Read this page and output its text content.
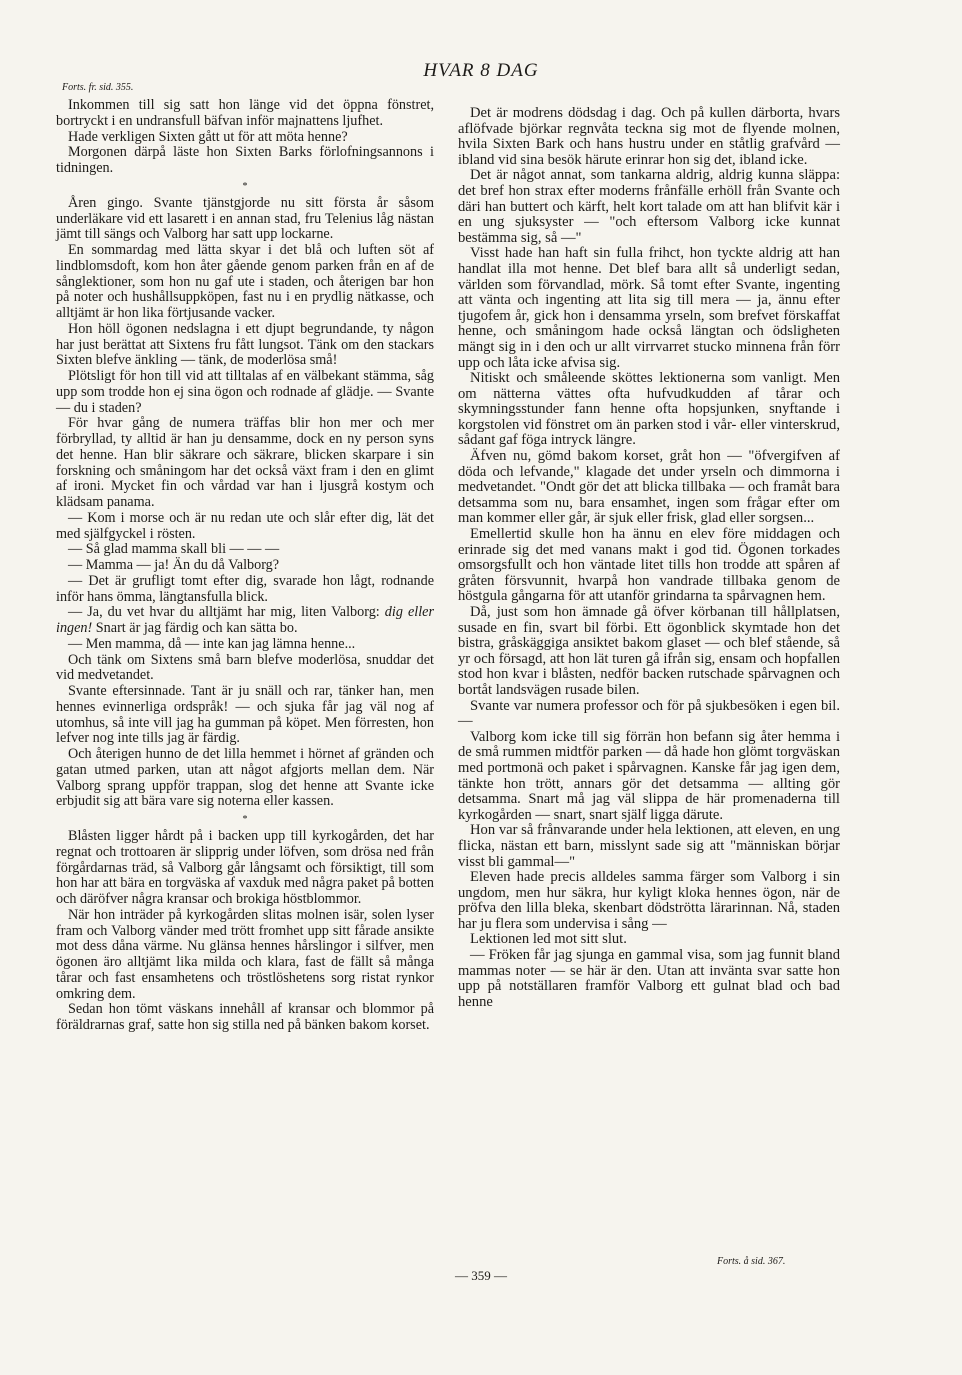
HVAR 8 DAG
Forts. fr. sid. 355.

Inkommen till sig satt hon länge vid det öppna fönstret, bortryckt i en undransfull bäfvan inför majnattens ljufhet.

Hade verkligen Sixten gått ut för att möta henne?

Morgonen därpå läste hon Sixten Barks förlofningsannons i tidningen.

*

Åren gingo. Svante tjänstgjorde nu sitt första år såsom underläkare vid ett lasarett i en annan stad, fru Telenius låg nästan jämt till sängs och Valborg har satt upp lockarne.

En sommardag med lätta skyar i det blå och luften söt af lindblomsdoft, kom hon åter gående genom parken från en af de sånglektioner, som hon nu gaf ute i staden, och återigen bar hon på noter och hushållsuppköpen, fast nu i en prydlig nätkasse, och alltjämt är hon lika förtjusande vacker.

Hon höll ögonen nedslagna i ett djupt begrundande, ty någon har just berättat att Sixtens fru fått lungsot. Tänk om den stackars Sixten blefve änkling — tänk, de moderlösa små!

Plötsligt för hon till vid att tilltalas af en välbekant stämma, såg upp som trodde hon ej sina ögon och rodnade af glädje. — Svante — du i staden?

För hvar gång de numera träffas blir hon mer och mer förbryllad, ty alltid är han ju densamme, dock en ny person syns det henne. Han blir säkrare och säkrare, blicken skarpare i sin forskning och småningom har det också växt fram i den en glimt af ironi. Mycket fin och vårdad var han i ljusgrå kostym och klädsam panama.

— Kom i morse och är nu redan ute och slår efter dig, lät det med själfgyckel i rösten.

— Så glad mamma skall bli — — —

— Mamma — ja! Än du då Valborg?

— Det är grufligt tomt efter dig, svarade hon lågt, rodnande inför hans ömma, längtansfulla blick.

— Ja, du vet hvar du alltjämt har mig, liten Valborg: dig eller ingen! Snart är jag färdig och kan sätta bo.

— Men mamma, då — inte kan jag lämna henne...

Och tänk om Sixtens små barn blefve moderlösa, snuddar det vid medvetandet.

Svante eftersinnade. Tant är ju snäll och rar, tänker han, men hennes evinnerliga ordspråk! — och sjuka får jag väl nog af utomhus, så inte vill jag ha gumman på köpet. Men förresten, hon lefver nog inte tills jag är färdig.

Och återigen hunno de det lilla hemmet i hörnet af gränden och gatan utmed parken, utan att något afgjorts mellan dem. När Valborg sprang uppför trappan, slog det henne att Svante icke erbjudit sig att bära vare sig noterna eller kassen.

*

Blåsten ligger hårdt på i backen upp till kyrkogården, det har regnat och trottoaren är slipprig under löfven, som drösa ned från förgårdarnas träd, så Valborg går långsamt och försiktigt, till som hon har att bära en torgväska af vaxduk med några paket på botten och däröfver några kransar och brokiga höstblommor.

När hon inträder på kyrkogården slitas molnen isär, solen lyser fram och Valborg vänder med trött fromhet upp sitt fårade ansikte mot dess dåna värme. Nu glänsa hennes hårslingor i silfver, men ögonen äro alltjämt lika milda och klara, fast de fällt så många tårar och fast ensamhetens och tröstlöshetens sorg ristat rynkor omkring dem.

Sedan hon tömt väskans innehåll af kransar och blommor på föräldrarnas graf, satte hon sig stilla ned på bänken bakom korset.

Det är modrens dödsdag i dag. Och på kullen därborta, hvars aflöfvade björkar regnvåta teckna sig mot de flyende molnen, hvila Sixten Bark och hans hustru under en ståtlig grafvård — ibland vid sina besök härute erinrar hon sig det, ibland icke.

Det är något annat, som tankarna aldrig, aldrig kunna släppa: det bref hon strax efter moderns frånfälle erhöll från Svante och däri han buttert och kärft, helt kort talade om att han blifvit kär i en ung sjuksyster — "och eftersom Valborg icke kunnat bestämma sig, så —"

Visst hade han haft sin fulla frihct, hon tyckte aldrig att han handlat illa mot henne. Det blef bara allt så underligt sedan, världen som förvandlad, mörk. Så tomt efter Svante, ingenting att vänta och ingenting att lita sig till mera — ja, ännu efter tjugofem år, gick hon i densamma yrseln, som brefvet förskaffat henne, och småningom hade också längtan och ödsligheten mängt sig in i den och ur allt virrvarret stucko minnena från förr upp och låta icke afvisa sig.

Nitiskt och småleende sköttes lektionerna som vanligt. Men om nätterna vättes ofta hufvudkudden af tårar och skymningsstunder fann henne ofta hopsjunken, snyftande i korgstolen vid fönstret om än parken stod i vår- eller vinterskrud, sådant gaf föga intryck längre.

Äfven nu, gömd bakom korset, gråt hon — "öfvergifven af döda och lefvande," klagade det under yrseln och dimmorna i medvetandet. "Ondt gör det att blicka tillbaka — och framåt bara detsamma som nu, bara ensamhet, ingen som frågar efter om man kommer eller går, är sjuk eller frisk, glad eller sorgsen...

Emellertid skulle hon ha ännu en elev före middagen och erinrade sig det med vanans makt i god tid. Ögonen torkades omsorgsfullt och hon väntade litet tills hon trodde att spåren af gråten försvunnit, hvarpå hon vandrade tillbaka genom de höstgula gångarna för att utanför grindarna ta spårvagnen hem.

Då, just som hon ämnade gå öfver körbanan till hållplatsen, susade en fin, svart bil förbi. Ett ögonblick skymtade hon det bistra, gråskäggiga ansiktet bakom glaset — och blef stående, så yr och försagd, att hon lät turen gå ifrån sig, ensam och hopfallen stod hon kvar i blåsten, nedför backen rutschade spårvagnen och bortåt landsvägen rusade bilen.

Svante var numera professor och för på sjukbesöken i egen bil. —

Valborg kom icke till sig förrän hon befann sig åter hemma i de små rummen midtför parken — då hade hon glömt torgväskan med portmonä och paket i spårvagnen. Kanske får jag igen dem, tänkte hon trött, annars gör det detsamma — allting gör detsamma. Snart må jag väl slippa de här promenaderna till kyrkogården — snart, snart själf ligga därute.

Hon var så frånvarande under hela lektionen, att eleven, en ung flicka, nästan ett barn, misslynt sade sig att "människan börjar visst bli gammal—"

Eleven hade precis alldeles samma färger som Valborg i sin ungdom, men hur säkra, hur kyligt kloka hennes ögon, när de pröfva den lilla bleka, skenbart dödströtta lärarinnan. Nå, staden har ju flera som undervisa i sång —

Lektionen led mot sitt slut.

— Fröken får jag sjunga en gammal visa, som jag funnit bland mammas noter — se här är den. Utan att invänta svar satte hon upp på notställaren framför Valborg ett gulnat blad och bad henne

Forts. å sid. 367.
— 359 —
